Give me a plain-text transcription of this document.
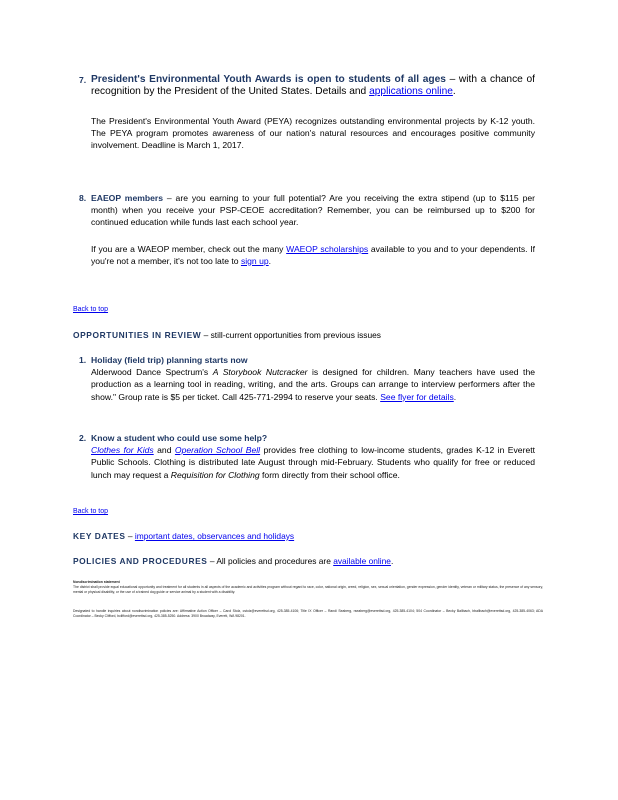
7. President's Environmental Youth Awards is open to students of all ages – with a chance of recognition by the President of the United States. Details and applications online.
The President's Environmental Youth Award (PEYA) recognizes outstanding environmental projects by K-12 youth. The PEYA program promotes awareness of our nation's natural resources and encourages positive community involvement. Deadline is March 1, 2017.
8. EAEOP members – are you earning to your full potential? Are you receiving the extra stipend (up to $115 per month) when you receive your PSP-CEOE accreditation? Remember, you can be reimbursed up to $200 for continued education while funds last each school year.
If you are a WAEOP member, check out the many WAEOP scholarships available to you and to your dependents. If you're not a member, it's not too late to sign up.
Back to top
OPPORTUNITIES IN REVIEW – still-current opportunities from previous issues
1. Holiday (field trip) planning starts now
Alderwood Dance Spectrum's A Storybook Nutcracker is designed for children. Many teachers have used the production as a learning tool in reading, writing, and the arts. Groups can arrange to interview performers after the show." Group rate is $5 per ticket. Call 425-771-2994 to reserve your seats. See flyer for details.
2. Know a student who could use some help?
Clothes for Kids and Operation School Bell provides free clothing to low-income students, grades K-12 in Everett Public Schools. Clothing is distributed late August through mid-February. Students who qualify for free or reduced lunch may request a Requisition for Clothing form directly from their school office.
Back to top
KEY DATES – important dates, observances and holidays
POLICIES AND PROCEDURES – All policies and procedures are available online.
Nondiscrimination statement
The district shall provide equal educational opportunity and treatment for all students in all aspects of the academic and activities program without regard to race, color, national origin, creed, religion, sex, sexual orientation, gender expression, gender identity, veteran or military status, the presence of any sensory, mental or physical disability, or the use of a trained dog guide or service animal by a student with a disability.
Designated to handle inquiries about nondiscrimination policies are: Affirmative Action Officer – Carol Stolz, cstolz@everettsd.org, 425-385-4106; Title IX Officer – Randi Seaberg, rseaberg@everettsd.org, 425-385-4104; 504 Coordinator – Becky Ballbach, bballbach@everettsd.org, 425-385-4063; ADA Coordinator – Becky Clifford, bclifford@everettsd.org, 425-385-5250. Address: 3900 Broadway, Everett, WA 98201.
